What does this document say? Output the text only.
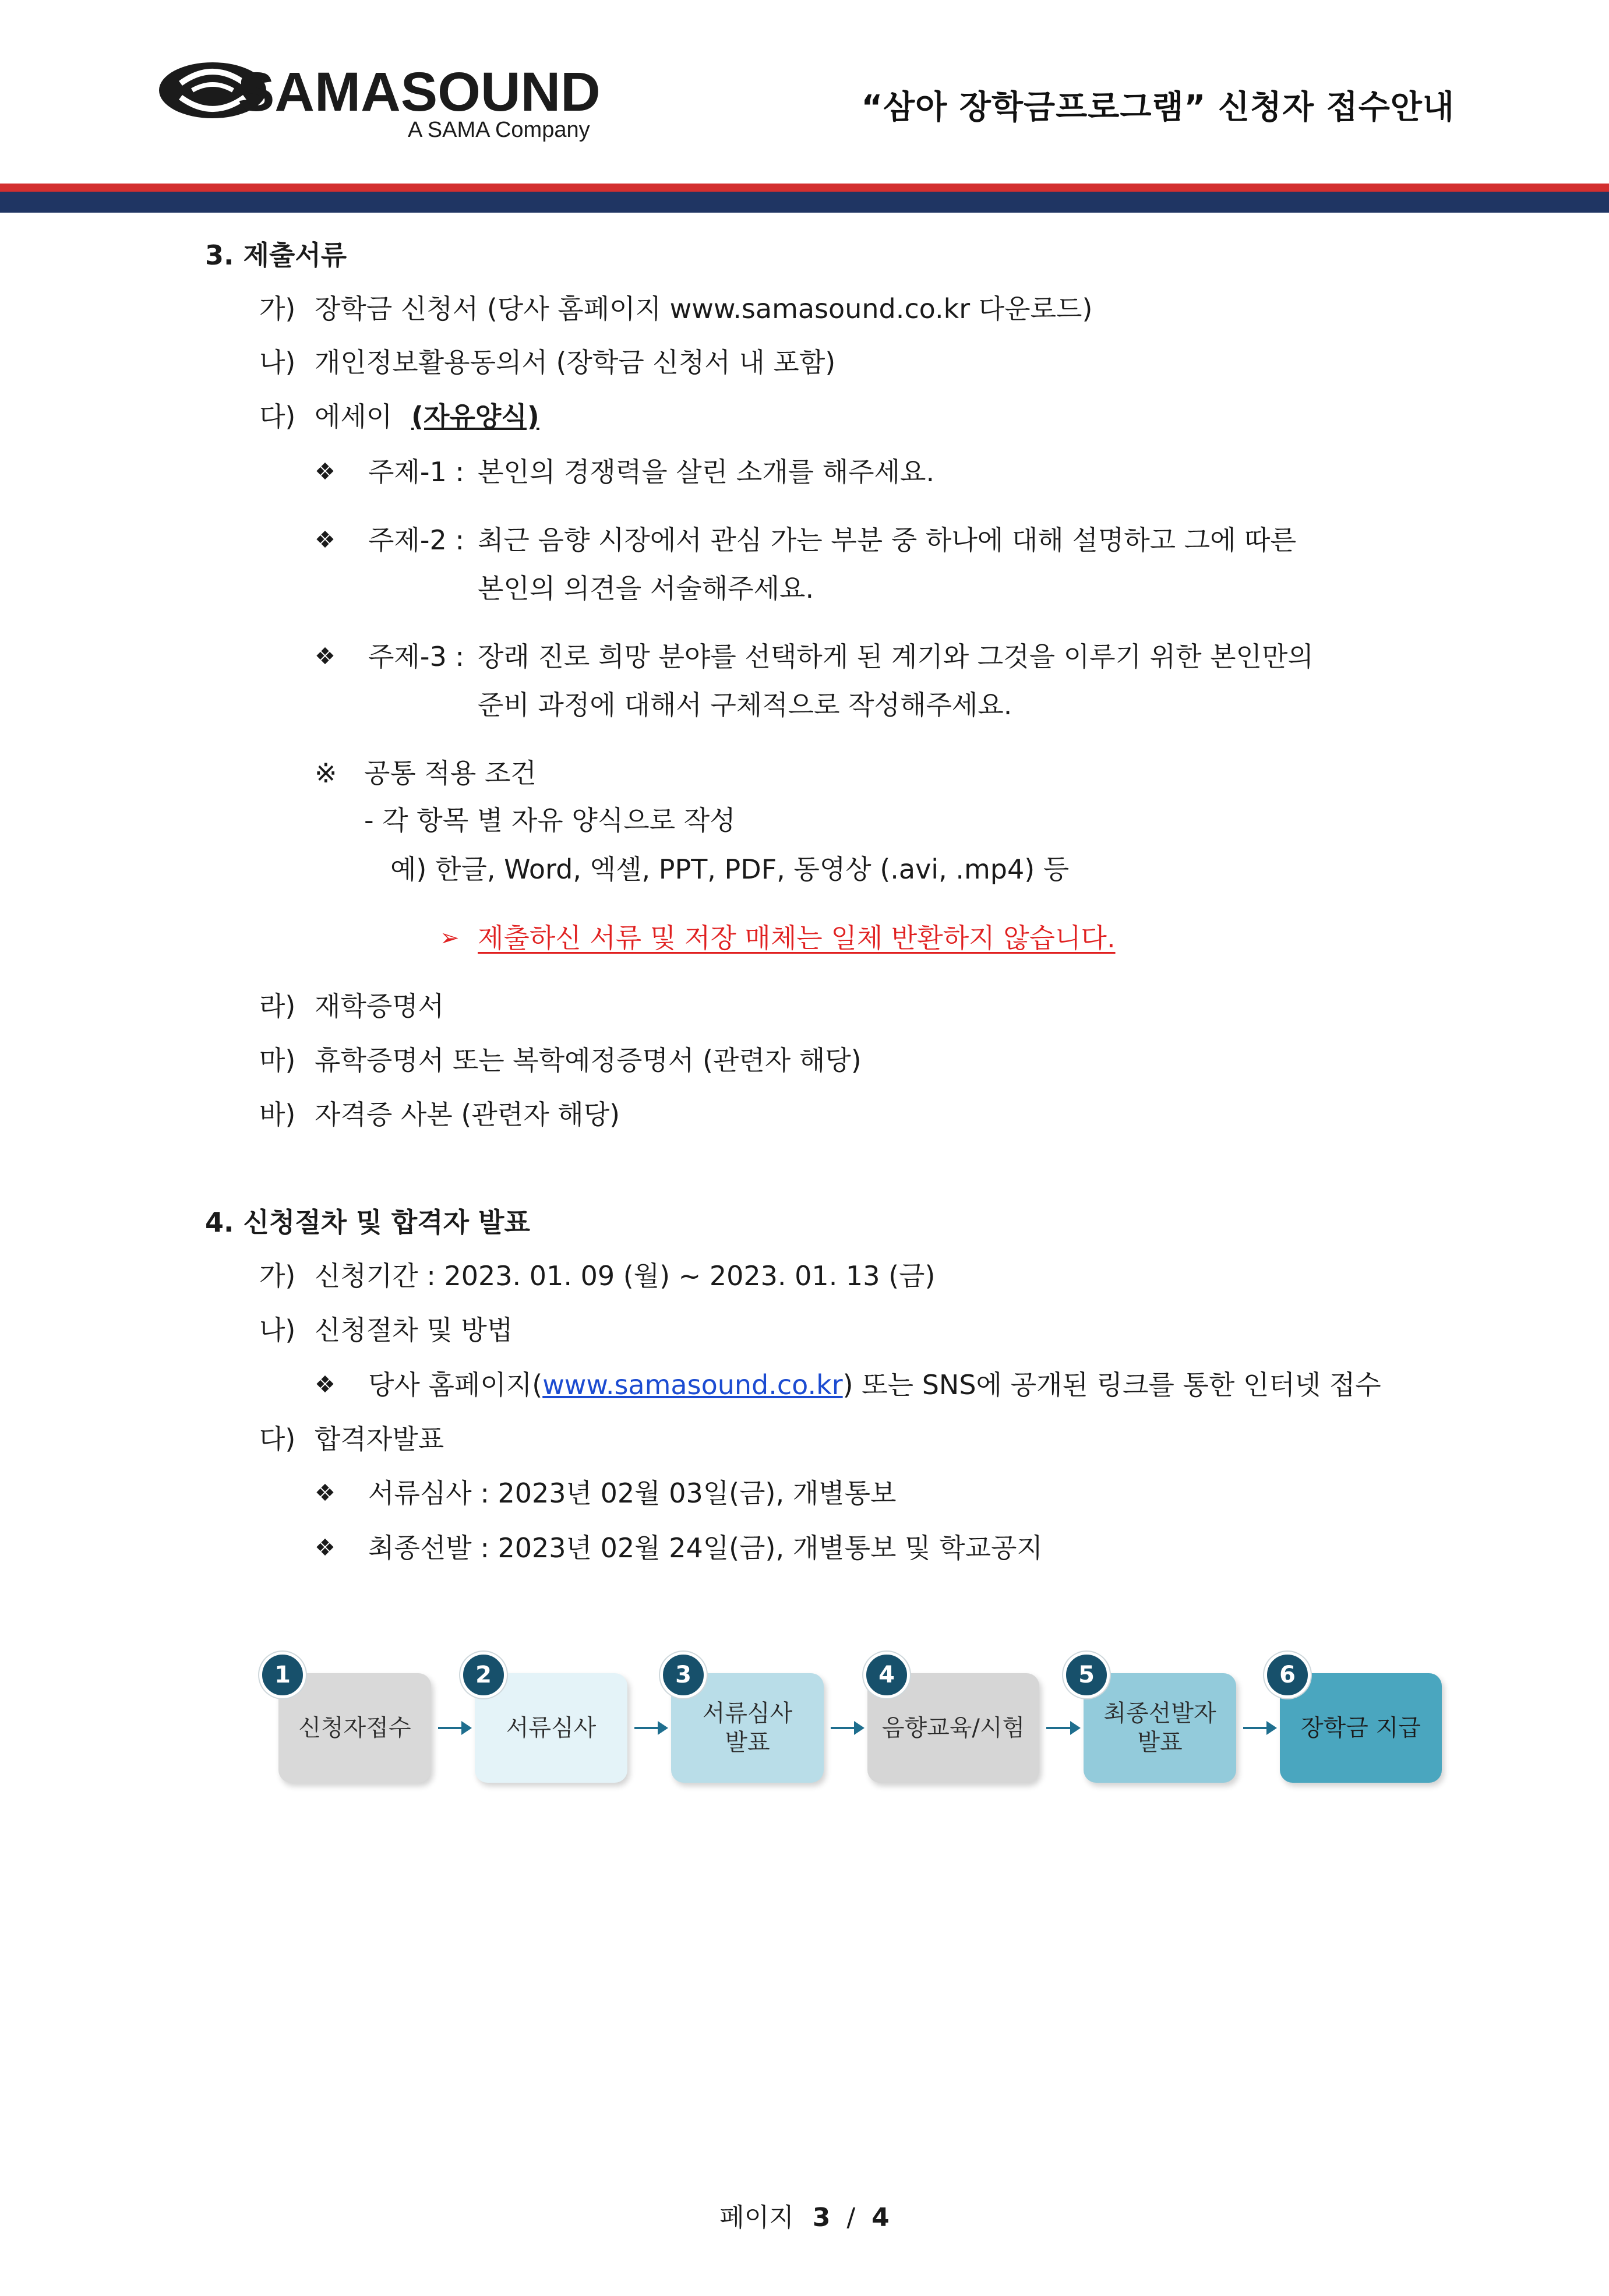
SAMASOUND
A SAMA Company
“삼아 장학금프로그램” 신청자 접수안내
3. 제출서류
가) 장학금 신청서 (당사 홈페이지 www.samasound.co.kr 다운로드)
나) 개인정보활용동의서 (장학금 신청서 내 포함)
다) 에세이 (자유양식)
❖ 주제-1 : 본인의 경쟁력을 살린 소개를 해주세요.
❖ 주제-2 : 최근 음향 시장에서 관심 가는 부분 중 하나에 대해 설명하고 그에 따른
본인의 의견을 서술해주세요.
❖ 주제-3 : 장래 진로 희망 분야를 선택하게 된 계기와 그것을 이루기 위한 본인만의
준비 과정에 대해서 구체적으로 작성해주세요.
※ 공통 적용 조건
- 각 항목 별 자유 양식으로 작성
예) 한글, Word, 엑셀, PPT, PDF, 동영상 (.avi, .mp4) 등
➢ 제출하신 서류 및 저장 매체는 일체 반환하지 않습니다.
라) 재학증명서
마) 휴학증명서 또는 복학예정증명서 (관련자 해당)
바) 자격증 사본 (관련자 해당)
4. 신청절차 및 합격자 발표
가) 신청기간 : 2023. 01. 09 (월) ~ 2023. 01. 13 (금)
나) 신청절차 및 방법
❖ 당사 홈페이지(www.samasound.co.kr) 또는 SNS에 공개된 링크를 통한 인터넷 접수
다) 합격자발표
❖ 서류심사 : 2023년 02월 03일(금), 개별통보
❖ 최종선발 : 2023년 02월 24일(금), 개별통보 및 학교공지
신청자접수	서류심사
서류심사
발표
음향교육/시험
최종선발자
발표
장학금 지급
1	2	3	4	5	6
페이지 3 / 4
